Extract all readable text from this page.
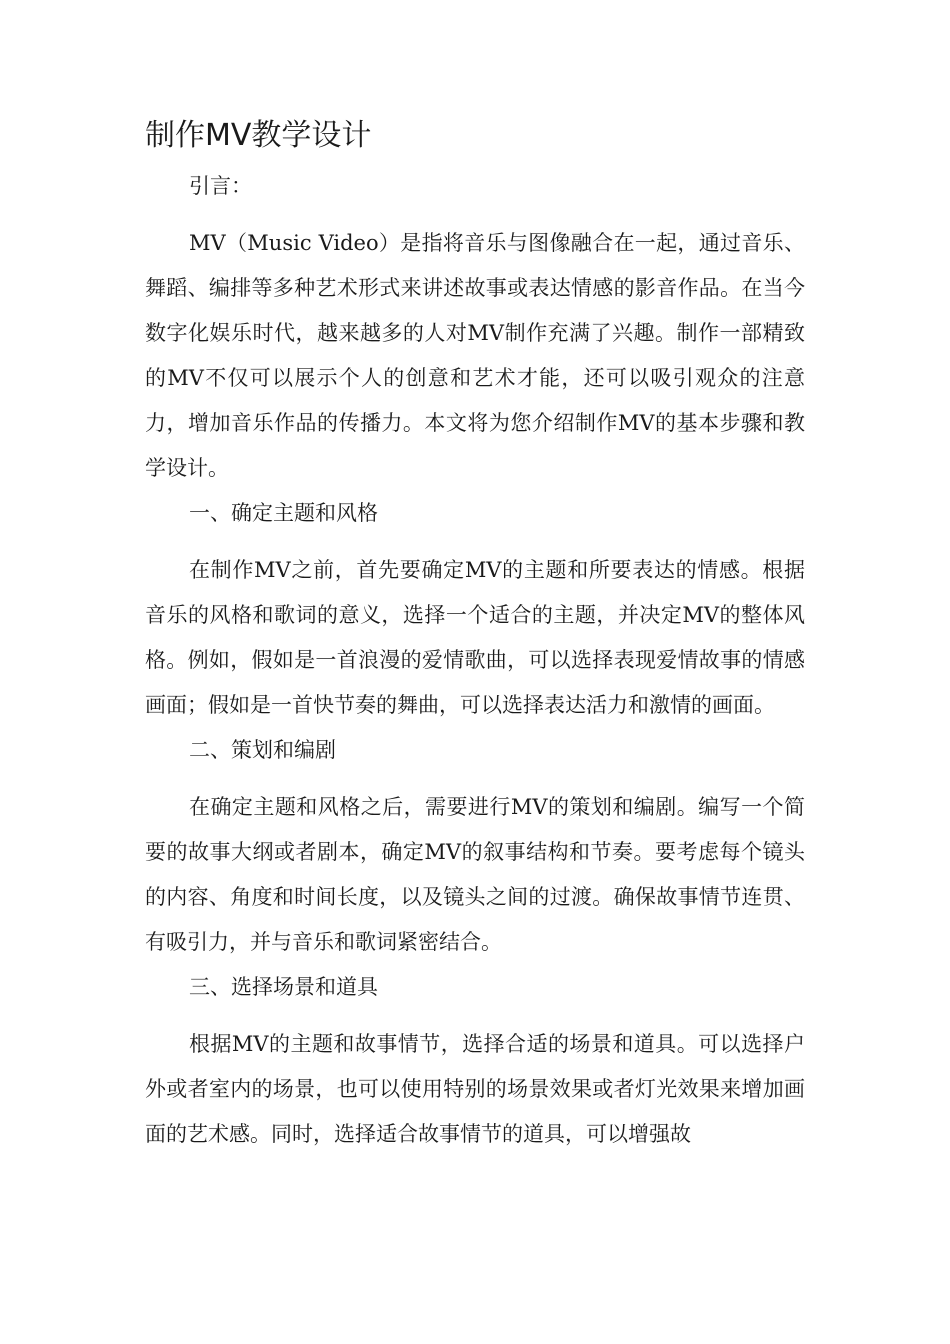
制作MV教学设计

引言：

MV（Music Video）是指将音乐与图像融合在一起，通过音乐、舞蹈、编排等多种艺术形式来讲述故事或表达情感的影音作品。在当今数字化娱乐时代，越来越多的人对MV制作充满了兴趣。制作一部精致的MV不仅可以展示个人的创意和艺术才能，还可以吸引观众的注意力，增加音乐作品的传播力。本文将为您介绍制作MV的基本步骤和教学设计。

一、确定主题和风格

在制作MV之前，首先要确定MV的主题和所要表达的情感。根据音乐的风格和歌词的意义，选择一个适合的主题，并决定MV的整体风格。例如，假如是一首浪漫的爱情歌曲，可以选择表现爱情故事的情感画面；假如是一首快节奏的舞曲，可以选择表达活力和激情的画面。

二、策划和编剧

在确定主题和风格之后，需要进行MV的策划和编剧。编写一个简要的故事大纲或者剧本，确定MV的叙事结构和节奏。要考虑每个镜头的内容、角度和时间长度，以及镜头之间的过渡。确保故事情节连贯、有吸引力，并与音乐和歌词紧密结合。

三、选择场景和道具

根据MV的主题和故事情节，选择合适的场景和道具。可以选择户外或者室内的场景，也可以使用特别的场景效果或者灯光效果来增加画面的艺术感。同时，选择适合故事情节的道具，可以增强故
